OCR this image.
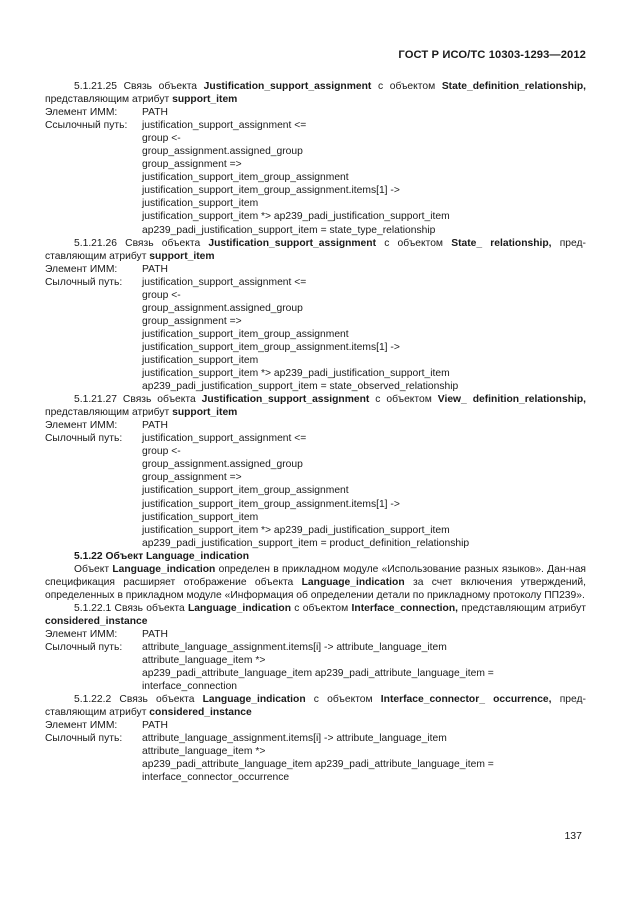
ГОСТ Р ИСО/ТС 10303-1293—2012

5.1.21.25 Связь объекта Justification_support_assignment с объектом State_definition_relationship, представляющим атрибут support_item

Элемент ИММ:	PATH
Ссылочный путь:	justification_support_assignment <=
group <-
group_assignment.assigned_group
group_assignment =>
justification_support_item_group_assignment
justification_support_item_group_assignment.items[1] ->
justification_support_item
justification_support_item *> ap239_padi_justification_support_item
ap239_padi_justification_support_item = state_type_relationship

5.1.21.26 Связь объекта Justification_support_assignment с объектом State_ relationship, пред-ставляющим атрибут support_item

Элемент ИММ:	PATH
Сылочный путь:	justification_support_assignment <=
group <-
group_assignment.assigned_group
group_assignment =>
justification_support_item_group_assignment
justification_support_item_group_assignment.items[1] ->
justification_support_item
justification_support_item *> ap239_padi_justification_support_item
ap239_padi_justification_support_item = state_observed_relationship

5.1.21.27 Связь объекта Justification_support_assignment с объектом View_ definition_relationship, представляющим атрибут support_item

Элемент ИММ:	PATH
Сылочный путь:	justification_support_assignment <=
group <-
group_assignment.assigned_group
group_assignment =>
justification_support_item_group_assignment
justification_support_item_group_assignment.items[1] ->
justification_support_item
justification_support_item *> ap239_padi_justification_support_item
ap239_padi_justification_support_item = product_definition_relationship

5.1.22 Объект Language_indication

Объект Language_indication определен в прикладном модуле «Использование разных языков». Дан-ная спецификация расширяет отображение объекта Language_indication за счет включения утверждений, определенных в прикладном модуле «Информация об определении детали по прикладному протоколу ПП239».

5.1.22.1 Связь объекта Language_indication с объектом Interface_connection, представляющим атрибут considered_instance

Элемент ИММ:	PATH
Сылочный путь:	attribute_language_assignment.items[i] -> attribute_language_item
attribute_language_item *>
ap239_padi_attribute_language_item ap239_padi_attribute_language_item =
interface_connection

5.1.22.2 Связь объекта Language_indication с объектом Interface_connector_ occurrence, пред-ставляющим атрибут considered_instance

Элемент ИММ:	PATH
Сылочный путь:	attribute_language_assignment.items[i] -> attribute_language_item
attribute_language_item *>
ap239_padi_attribute_language_item ap239_padi_attribute_language_item =
interface_connector_occurrence
137
